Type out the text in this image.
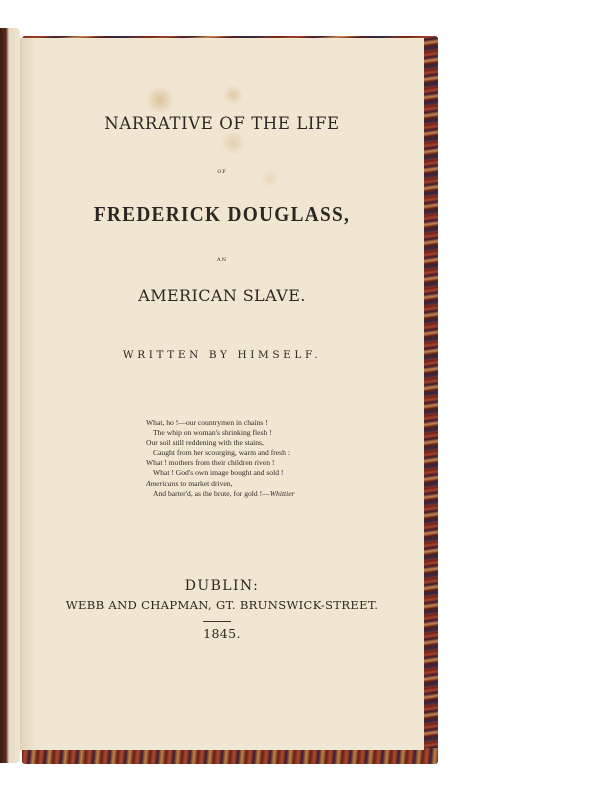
NARRATIVE OF THE LIFE
OF
FREDERICK DOUGLASS,
AN
AMERICAN SLAVE.
WRITTEN BY HIMSELF.
What, ho !—our countrymen in chains !
The whip on woman's shrinking flesh !
Our soil still reddening with the stains,
Caught from her scourging, warm and fresh :
What ! mothers from their children riven !
What ! God's own image bought and sold !
Americans to market driven,
And barter'd, as the brute, for gold !—Whittier
DUBLIN:
WEBB AND CHAPMAN, GT. BRUNSWICK-STREET.
1845.
